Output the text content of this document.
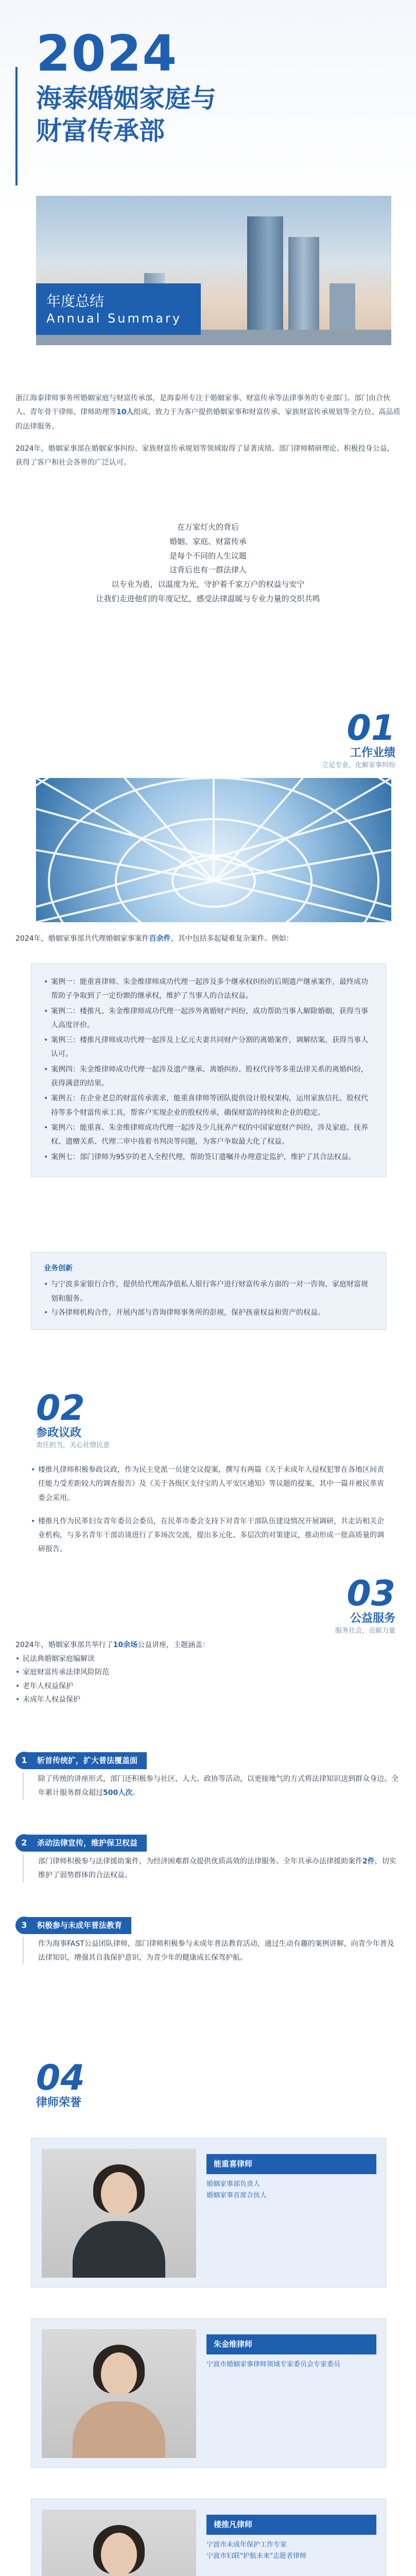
2024
海泰婚姻家庭与
财富传承部
年度总结
Annual Summary

浙江海泰律师事务所婚姻家庭与财富传承部，是海泰所专注于婚姻家事、财富传承等法律事务的专业部门。部门由合伙人、青年骨干律师、律师助理等10人组成，致力于为客户提供婚姻家事和财富传承、家族财富传承规划等全方位、高品质的法律服务。

2024年，婚姻家事部在婚姻家事纠纷、家族财富传承规划等领域取得了显著成绩。部门律师精研理论、积极投身公益，获得了客户和社会各界的广泛认可。

在万家灯火的背后
婚姻、家庭、财富传承
是每个不同的人生议题
这背后也有一群法律人
以专业为盾，以温度为光，守护着千家万户的权益与安宁
让我们走进他们的年度记忆，感受法律温暖与专业力量的交织共鸣
01
工作业绩
立足专业，化解家事纠纷
2024年，婚姻家事部共代理婚姻家事案件百余件，其中包括多起疑难复杂案件。例如：
• 案例一：能重喜律师、朱金维律师成功代理一起涉及多个继承权纠纷的后期遗产继承案件，最终成功帮助子争取到了一定份额的继承权，维护了当事人的合法权益。
• 案例二：楼推凡、朱金维律师成功代理一起涉外离婚财产纠纷，成功帮助当事人解除婚姻，获得当事人高度评价。
• 案例三：楼推凡律师成功代理一起涉及上亿元夫妻共同财产分割的离婚案件，调解结案，获得当事人认可。
• 案例四：朱金维律师成功代理一起涉及遗产继承、离婚纠纷、股权代持等多重法律关系的离婚纠纷，获得满意的结果。
• 案例五：在企业老总的财富传承需求，能重喜律师等团队提供设计股权架构，运用家族信托、股权代持等多个财富传承工具，帮客户实现企业的股权传承，确保财富的持续和企业的稳定。
• 案例六：能重喜、朱金维律师成功代理一起涉及少儿抚养产权的中国家庭财产纠纷，涉及家庭、抚养权、遗赠关系、代理二审中我着书判决等问题，为客户争取最大化了权益。
• 案例七：部门律师为95岁的老人全程代理，帮助签订遗嘱并办理意定监护，维护了其合法权益。
业务创新
• 与宁波多家银行合作，提供给代理高净值私人银行客户进行财富传承方面的一对一咨询、家庭财富规划和服务。
• 与各律师机构合作，开展内部与咨询律师事务所的彭规，保护孩童权益和资产的权益。
02
参政议政
责任担当，关心社情民意
• 楼推凡律师积极参政议政，作为民主党派一员建交议提案，撰写有两篇《关于未成年人侵权犯罪在各地区间责任能力受差距较大的调查报告》及《关于各级区支付宝的人平安区通知》等议题的提案，其中一篇并被民革省委会采用。
• 楼推凡作为民革妇女青年委员会委员，在民革市委会支持下对青年干部队伍建设情况开展调研，共走访相关企业机构，与多名青年干部访谈进行了多场次交流，提出多元化、多层次的对策建议，推动形成一批高质量的调研报告。
03
公益服务
服务社会，贡献力量
2024年，婚姻家事部共举行了10余场公益讲座，主题涵盖：
• 民法典婚姻家庭编解读
• 家庭财富传承法律风险防范
• 老年人权益保护
• 未成年人权益保护
1	斩首传统扩，扩大普法覆盖面
除了传统的讲座形式，部门还积极参与社区、人大、政协等活动，以更接地气的方式将法律知识送到群众身边。全年累计服务群众超过500人次。
2	杀动法律宣传，维护保卫权益
部门律师积极参与法律援助案件，为经济困难群众提供优质高效的法律服务。全年共承办法律援助案件2件，切实维护了弱势群体的合法权益。
3	积极参与未成年普法教育
作为海事FAST公益团队律师，部门律师积极参与未成年普法教育活动，通过生动有趣的案例讲解，向青少年普及法律知识，增强其自我保护意识，为青少年的健康成长保驾护航。
04
律师荣誉
能重喜律师
婚姻家事部负责人
婚姻家事首席合伙人
朱金维律师
宁波市婚姻家事律师领域专家委员会专家委员
楼推凡律师
宁波市未成年保护工作专家
宁波市妇联"护航未来"志愿者律师
